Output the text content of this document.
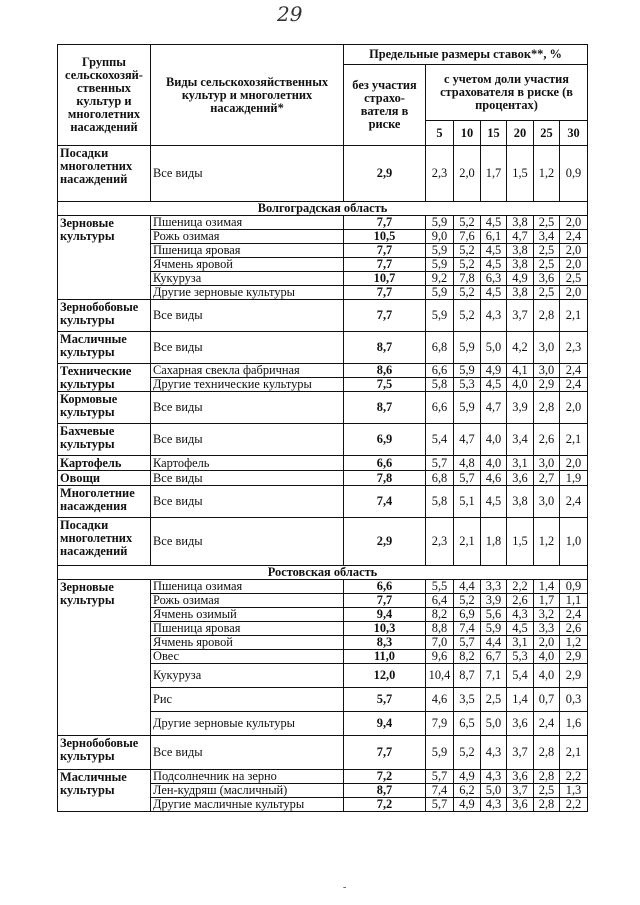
29
Группы сельскохозяй-ственных культур и многолетних насаждений	Виды сельскохозяйственных культур и многолетних насаждений*	Предельные размеры ставок**, %						
		без участия страхо-вателя в риске	с учетом доли участия страхователя в риске (в процентах)					
			5	10	15	20	25	30
Посадки многолетних насаждений	Все виды	2,9	2,3	2,0	1,7	1,5	1,2	0,9
Волгоградская область								
Зерновые культуры	Пшеница озимая	7,7	5,9	5,2	4,5	3,8	2,5	2,0
	Рожь озимая	10,5	9,0	7,6	6,1	4,7	3,4	2,4
	Пшеница яровая	7,7	5,9	5,2	4,5	3,8	2,5	2,0
	Ячмень яровой	7,7	5,9	5,2	4,5	3,8	2,5	2,0
	Кукуруза	10,7	9,2	7,8	6,3	4,9	3,6	2,5
	Другие зерновые культуры	7,7	5,9	5,2	4,5	3,8	2,5	2,0
Зернобобовые культуры	Все виды	7,7	5,9	5,2	4,3	3,7	2,8	2,1
Масличные культуры	Все виды	8,7	6,8	5,9	5,0	4,2	3,0	2,3
Технические культуры	Сахарная свекла фабричная	8,6	6,6	5,9	4,9	4,1	3,0	2,4
	Другие технические культуры	7,5	5,8	5,3	4,5	4,0	2,9	2,4
Кормовые культуры	Все виды	8,7	6,6	5,9	4,7	3,9	2,8	2,0
Бахчевые культуры	Все виды	6,9	5,4	4,7	4,0	3,4	2,6	2,1
Картофель	Картофель	6,6	5,7	4,8	4,0	3,1	3,0	2,0
Овощи	Все виды	7,8	6,8	5,7	4,6	3,6	2,7	1,9
Многолетние насаждения	Все виды	7,4	5,8	5,1	4,5	3,8	3,0	2,4
Посадки многолетних насаждений	Все виды	2,9	2,3	2,1	1,8	1,5	1,2	1,0
Ростовская область								
Зерновые культуры	Пшеница озимая	6,6	5,5	4,4	3,3	2,2	1,4	0,9
	Рожь озимая	7,7	6,4	5,2	3,9	2,6	1,7	1,1
	Ячмень озимый	9,4	8,2	6,9	5,6	4,3	3,2	2,4
	Пшеница яровая	10,3	8,8	7,4	5,9	4,5	3,3	2,6
	Ячмень яровой	8,3	7,0	5,7	4,4	3,1	2,0	1,2
	Овес	11,0	9,6	8,2	6,7	5,3	4,0	2,9
	Кукуруза	12,0	10,4	8,7	7,1	5,4	4,0	2,9
	Рис	5,7	4,6	3,5	2,5	1,4	0,7	0,3
	Другие зерновые культуры	9,4	7,9	6,5	5,0	3,6	2,4	1,6
Зернобобовые культуры	Все виды	7,7	5,9	5,2	4,3	3,7	2,8	2,1
Масличные культуры	Подсолнечник на зерно	7,2	5,7	4,9	4,3	3,6	2,8	2,2
	Лен-кудряш (масличный)	8,7	7,4	6,2	5,0	3,7	2,5	1,3
	Другие масличные культуры	7,2	5,7	4,9	4,3	3,6	2,8	2,2
-
